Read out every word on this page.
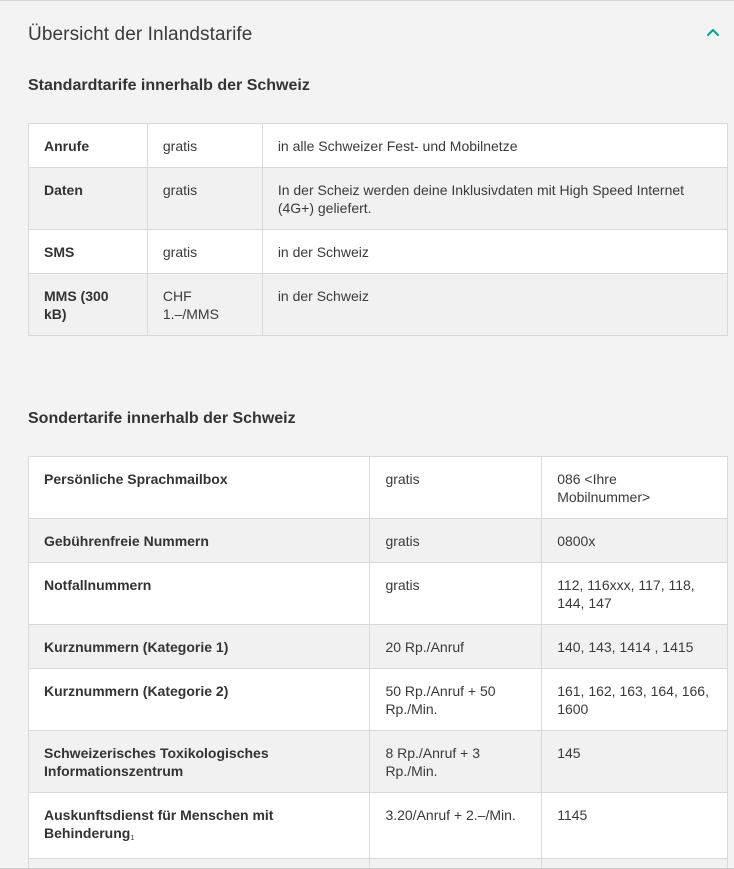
Übersicht der Inlandstarife
Standardtarife innerhalb der Schweiz
Anrufe	gratis	in alle Schweizer Fest- und Mobilnetze
Daten	gratis	In der Scheiz werden deine Inklusivdaten mit High Speed Internet (4G+) geliefert.
SMS	gratis	in der Schweiz
MMS (300 kB)	CHF 1.–/MMS	in der Schweiz
Sondertarife innerhalb der Schweiz
Persönliche Sprachmailbox	gratis	086 <Ihre Mobilnummer>
Gebührenfreie Nummern	gratis	0800x
Notfallnummern	gratis	112, 116xxx, 117, 118, 144, 147
Kurznummern (Kategorie 1)	20 Rp./Anruf	140, 143, 1414 , 1415
Kurznummern (Kategorie 2)	50 Rp./Anruf + 50 Rp./Min.	161, 162, 163, 164, 166, 1600
Schweizerisches Toxikologisches Informationszentrum	8 Rp./Anruf + 3 Rp./Min.	145
Auskunftsdienst für Menschen mit Behinderung1	3.20/Anruf + 2.–/Min.	1145
